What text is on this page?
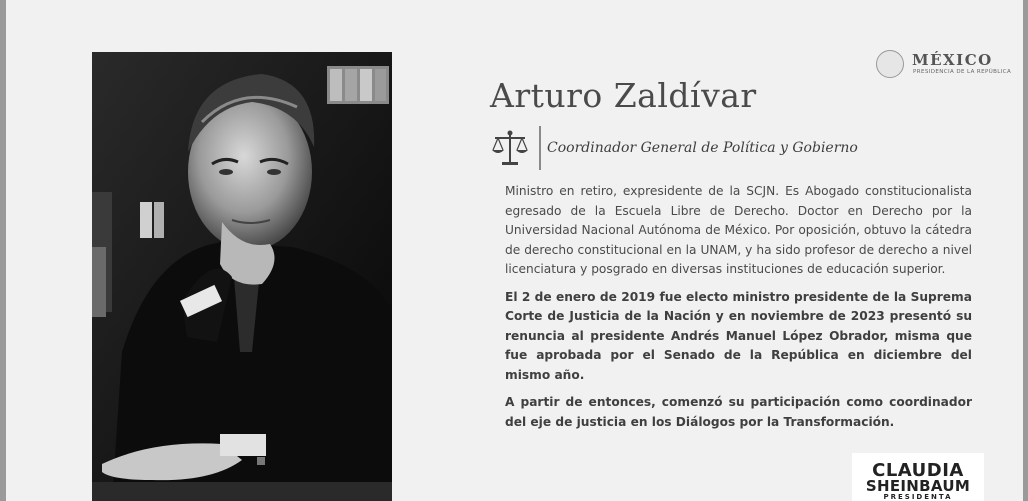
MÉXICO
PRESIDENCIA DE LA REPÚBLICA
Arturo Zaldívar
Coordinador General de Política y Gobierno

Ministro en retiro, expresidente de la SCJN. Es Abogado constitucionalista egresado de la Escuela Libre de Derecho. Doctor en Derecho por la Universidad Nacional Autónoma de México. Por oposición, obtuvo la cátedra de derecho constitucional en la UNAM, y ha sido profesor de derecho a nivel licenciatura y posgrado en diversas instituciones de educación superior.

El 2 de enero de 2019 fue electo ministro presidente de la Suprema Corte de Justicia de la Nación y en noviembre de 2023 presentó su renuncia al presidente Andrés Manuel López Obrador, misma que fue aprobada por el Senado de la República en diciembre del mismo año.

A partir de entonces, comenzó su participación como coordinador del eje de justicia en los Diálogos por la Transformación.

CLAUDIA
SHEINBAUM
PRESIDENTA
